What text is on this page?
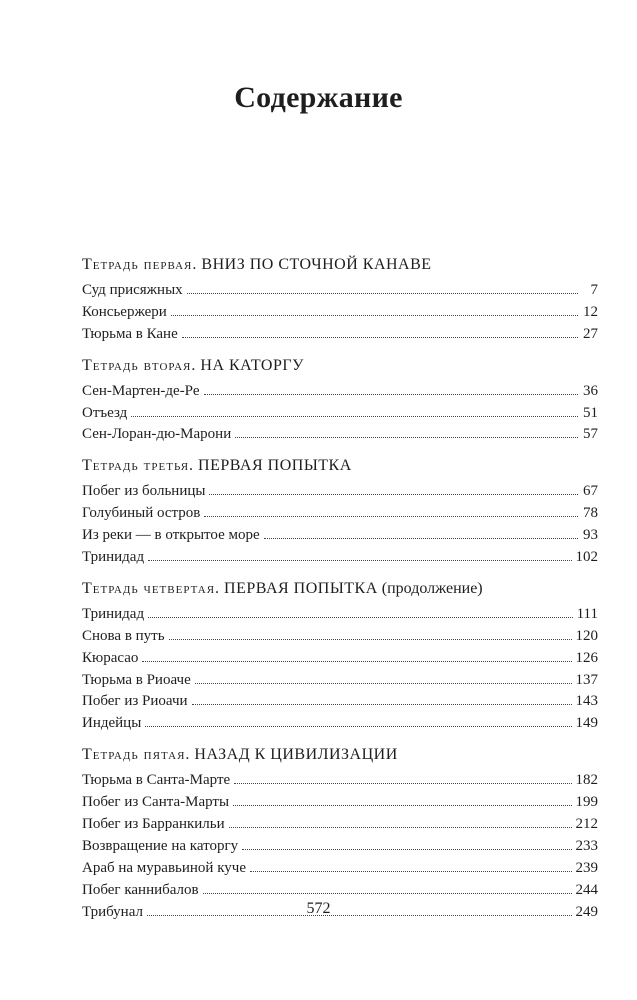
Содержание
Тетрадь первая. ВНИЗ ПО СТОЧНОЙ КАНАВЕ
Суд присяжных	7
Консьержери	12
Тюрьма в Кане	27
Тетрадь вторая. НА КАТОРГУ
Сен-Мартен-де-Ре	36
Отъезд	51
Сен-Лоран-дю-Марони	57
Тетрадь третья. ПЕРВАЯ ПОПЫТКА
Побег из больницы	67
Голубиный остров	78
Из реки — в открытое море	93
Тринидад	102
Тетрадь четвертая. ПЕРВАЯ ПОПЫТКА (продолжение)
Тринидад	111
Снова в путь	120
Кюрасао	126
Тюрьма в Риоаче	137
Побег из Риоачи	143
Индейцы	149
Тетрадь пятая. НАЗАД К ЦИВИЛИЗАЦИИ
Тюрьма в Санта-Марте	182
Побег из Санта-Марты	199
Побег из Барранкильи	212
Возвращение на каторгу	233
Араб на муравьиной куче	239
Побег каннибалов	244
Трибунал	249
572
